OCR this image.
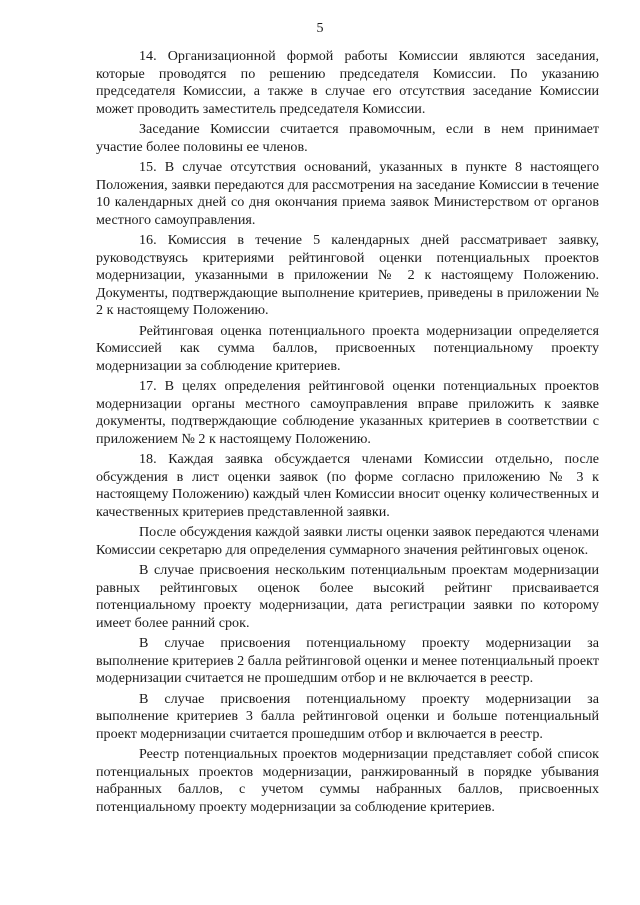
5

14. Организационной формой работы Комиссии являются заседания, которые проводятся по решению председателя Комиссии. По указанию председателя Комиссии, а также в случае его отсутствия заседание Комиссии может проводить заместитель председателя Комиссии.

Заседание Комиссии считается правомочным, если в нем принимает участие более половины ее членов.

15. В случае отсутствия оснований, указанных в пункте 8 настоящего Положения, заявки передаются для рассмотрения на заседание Комиссии в течение 10 календарных дней со дня окончания приема заявок Министерством от органов местного самоуправления.

16. Комиссия в течение 5 календарных дней рассматривает заявку, руководствуясь критериями рейтинговой оценки потенциальных проектов модернизации, указанными в приложении № 2 к настоящему Положению. Документы, подтверждающие выполнение критериев, приведены в приложении № 2 к настоящему Положению.

Рейтинговая оценка потенциального проекта модернизации определяется Комиссией как сумма баллов, присвоенных потенциальному проекту модернизации за соблюдение критериев.

17. В целях определения рейтинговой оценки потенциальных проектов модернизации органы местного самоуправления вправе приложить к заявке документы, подтверждающие соблюдение указанных критериев в соответствии с приложением № 2 к настоящему Положению.

18. Каждая заявка обсуждается членами Комиссии отдельно, после обсуждения в лист оценки заявок (по форме согласно приложению № 3 к настоящему Положению) каждый член Комиссии вносит оценку количественных и качественных критериев представленной заявки.

После обсуждения каждой заявки листы оценки заявок передаются членами Комиссии секретарю для определения суммарного значения рейтинговых оценок.

В случае присвоения нескольким потенциальным проектам модернизации равных рейтинговых оценок более высокий рейтинг присваивается потенциальному проекту модернизации, дата регистрации заявки по которому имеет более ранний срок.

В случае присвоения потенциальному проекту модернизации за выполнение критериев 2 балла рейтинговой оценки и менее потенциальный проект модернизации считается не прошедшим отбор и не включается в реестр.

В случае присвоения потенциальному проекту модернизации за выполнение критериев 3 балла рейтинговой оценки и больше потенциальный проект модернизации считается прошедшим отбор и включается в реестр.

Реестр потенциальных проектов модернизации представляет собой список потенциальных проектов модернизации, ранжированный в порядке убывания набранных баллов, с учетом суммы набранных баллов, присвоенных потенциальному проекту модернизации за соблюдение критериев.
